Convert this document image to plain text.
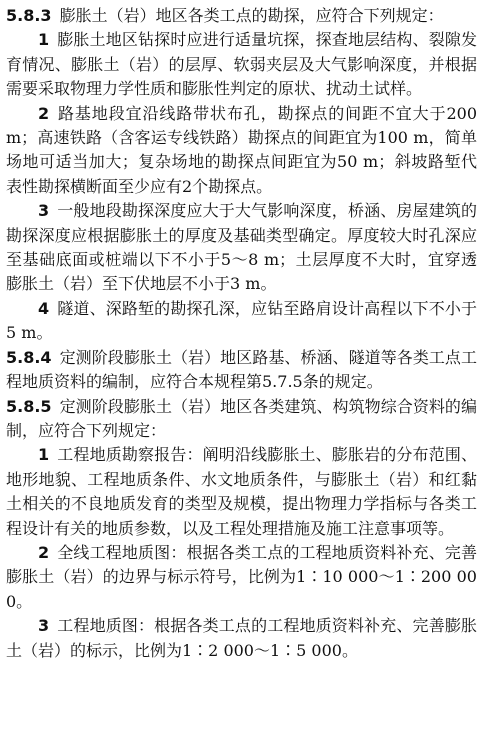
5.8.3 膨胀土（岩）地区各类工点的勘探，应符合下列规定：

1 膨胀土地区钻探时应进行适量坑探，探查地层结构、裂隙发育情况、膨胀土（岩）的层厚、软弱夹层及大气影响深度，并根据需要采取物理力学性质和膨胀性判定的原状、扰动土试样。

2 路基地段宜沿线路带状布孔，勘探点的间距不宜大于200 m；高速铁路（含客运专线铁路）勘探点的间距宜为100 m，简单场地可适当加大；复杂场地的勘探点间距宜为50 m；斜坡路堑代表性勘探横断面至少应有2个勘探点。

3 一般地段勘探深度应大于大气影响深度，桥涵、房屋建筑的勘探深度应根据膨胀土的厚度及基础类型确定。厚度较大时孔深应至基础底面或桩端以下不小于5～8 m；土层厚度不大时，宜穿透膨胀土（岩）至下伏地层不小于3 m。

4 隧道、深路堑的勘探孔深，应钻至路肩设计高程以下不小于5 m。

5.8.4 定测阶段膨胀土（岩）地区路基、桥涵、隧道等各类工点工程地质资料的编制，应符合本规程第5.7.5条的规定。

5.8.5 定测阶段膨胀土（岩）地区各类建筑、构筑物综合资料的编制，应符合下列规定：

1 工程地质勘察报告：阐明沿线膨胀土、膨胀岩的分布范围、地形地貌、工程地质条件、水文地质条件，与膨胀土（岩）和红黏土相关的不良地质发育的类型及规模，提出物理力学指标与各类工程设计有关的地质参数，以及工程处理措施及施工注意事项等。

2 全线工程地质图：根据各类工点的工程地质资料补充、完善膨胀土（岩）的边界与标示符号，比例为1∶10 000～1∶200 000。

3 工程地质图：根据各类工点的工程地质资料补充、完善膨胀土（岩）的标示，比例为1∶2 000～1∶5 000。
